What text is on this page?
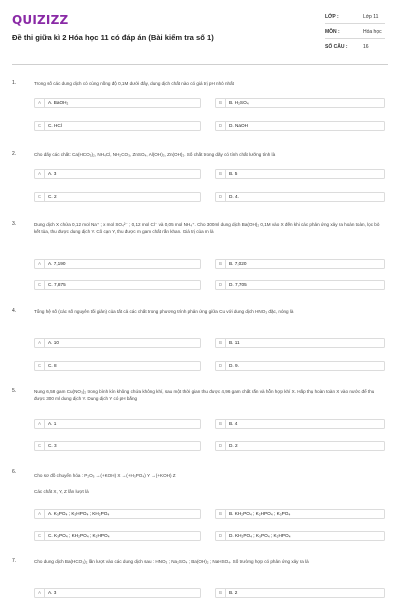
QUIZIZZ
Đề thi giữa kì 2 Hóa học 11 có đáp án (Bài kiểm tra số 1)
LỚP :	Lớp 11
MÔN :	Hóa học
SỐ CÂU :	16
1.	Trong số các dung dịch có cùng nồng độ 0,1M dưới đây, dung dịch chất nào có giá trị pH nhỏ nhất
A	A. BaOH₂	B	B. H₂SO₄
C	C. HCl	D	D. NaOH
2.	Cho dãy các chất: Ca(HCO₃)₂, NH₄Cl, NH₂CO₃, ZnSO₄, Al(OH)₃, Zn(OH)₂. Số chất trong dãy có tính chất lưỡng tính là
A	A. 3	B	B. 5
C	C. 2	D	D. 4.
3.	Dung dịch X chứa 0,12 mol Na⁺ ; x mol SO₄²⁻ ; 0,12 mol Cl⁻ và 0,05 mol NH₄⁺. Cho 300ml dung dịch Ba(OH)₂ 0,1M vào X đến khi các phản ứng xảy ra hoàn toàn, lọc bỏ kết tủa, thu được dung dịch Y. Cô cạn Y, thu được m gam chất rắn khan. Giá trị của m là
A	A. 7,190	B	B. 7,020
C	C. 7,875	D	D. 7,705
4.	Tổng hệ số (các số nguyên tối giản) của tất cả các chất trong phương trình phản ứng giữa Cu với dung dịch HNO₃ đặc, nóng là
A	A. 10	B	B. 11
C	C. 8	D	D. 9.
5.	Nung 6,58 gam Cu(NO₃)₂ trong bình kín không chứa không khí, sau một thời gian thu được 4,96 gam chất rắn và hỗn hợp khí X. Hấp thụ hoàn toàn X vào nước để thu được 300 ml dung dịch Y. Dung dịch Y có pH bằng
A	A. 1	B	B. 4
C	C. 3	D	D. 2
6.
Cho sơ đồ chuyển hóa : P₂O₅ →(+KOH) X →(+H₃PO₄) Y →(+KOH) Z
Các chất X, Y, Z lần lượt là
A	A. K₃PO₄ ; K₂HPO₄ ; KH₂PO₄	B	B. KH₂PO₄ ; K₂HPO₄ ; K₃PO₄
C	C. K₃PO₄ ; KH₂PO₄ ; K₂HPO₄	D	D. KH₂PO₄ ; K₃PO₄ ; K₂HPO₄
7.	Cho dung dịch Ba(HCO₃)₂ lần lượt vào các dung dịch sau : HNO₃ ; Na₂SO₄ ; Ba(OH)₂ ; NaHSO₄. Số trường hợp có phản ứng xảy ra là
A	A. 3	B	B. 2
